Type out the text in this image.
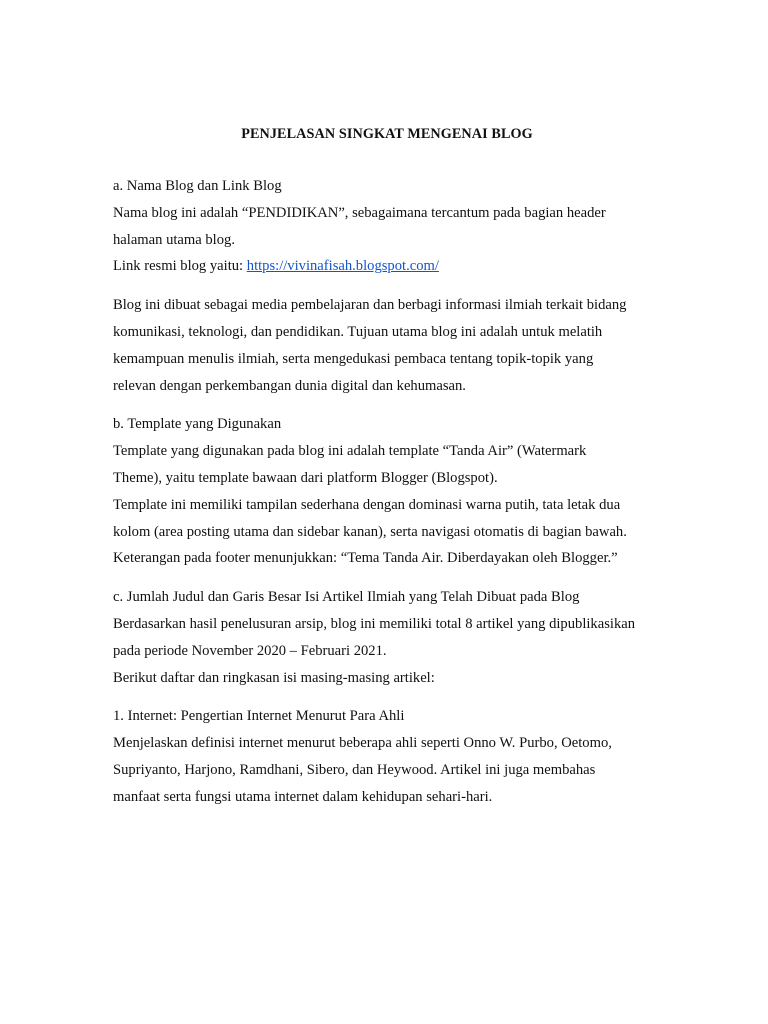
PENJELASAN SINGKAT MENGENAI BLOG
a. Nama Blog dan Link Blog
Nama blog ini adalah “PENDIDIKAN”, sebagaimana tercantum pada bagian header
halaman utama blog.
Link resmi blog yaitu: https://vivinafisah.blogspot.com/
Blog ini dibuat sebagai media pembelajaran dan berbagi informasi ilmiah terkait bidang
komunikasi, teknologi, dan pendidikan. Tujuan utama blog ini adalah untuk melatih
kemampuan menulis ilmiah, serta mengedukasi pembaca tentang topik-topik yang
relevan dengan perkembangan dunia digital dan kehumasan.
b. Template yang Digunakan
Template yang digunakan pada blog ini adalah template “Tanda Air” (Watermark
Theme), yaitu template bawaan dari platform Blogger (Blogspot).
Template ini memiliki tampilan sederhana dengan dominasi warna putih, tata letak dua
kolom (area posting utama dan sidebar kanan), serta navigasi otomatis di bagian bawah.
Keterangan pada footer menunjukkan: “Tema Tanda Air. Diberdayakan oleh Blogger.”
c. Jumlah Judul dan Garis Besar Isi Artikel Ilmiah yang Telah Dibuat pada Blog
Berdasarkan hasil penelusuran arsip, blog ini memiliki total 8 artikel yang dipublikasikan
pada periode November 2020 – Februari 2021.
Berikut daftar dan ringkasan isi masing-masing artikel:
1. Internet: Pengertian Internet Menurut Para Ahli
Menjelaskan definisi internet menurut beberapa ahli seperti Onno W. Purbo, Oetomo,
Supriyanto, Harjono, Ramdhani, Sibero, dan Heywood. Artikel ini juga membahas
manfaat serta fungsi utama internet dalam kehidupan sehari-hari.
